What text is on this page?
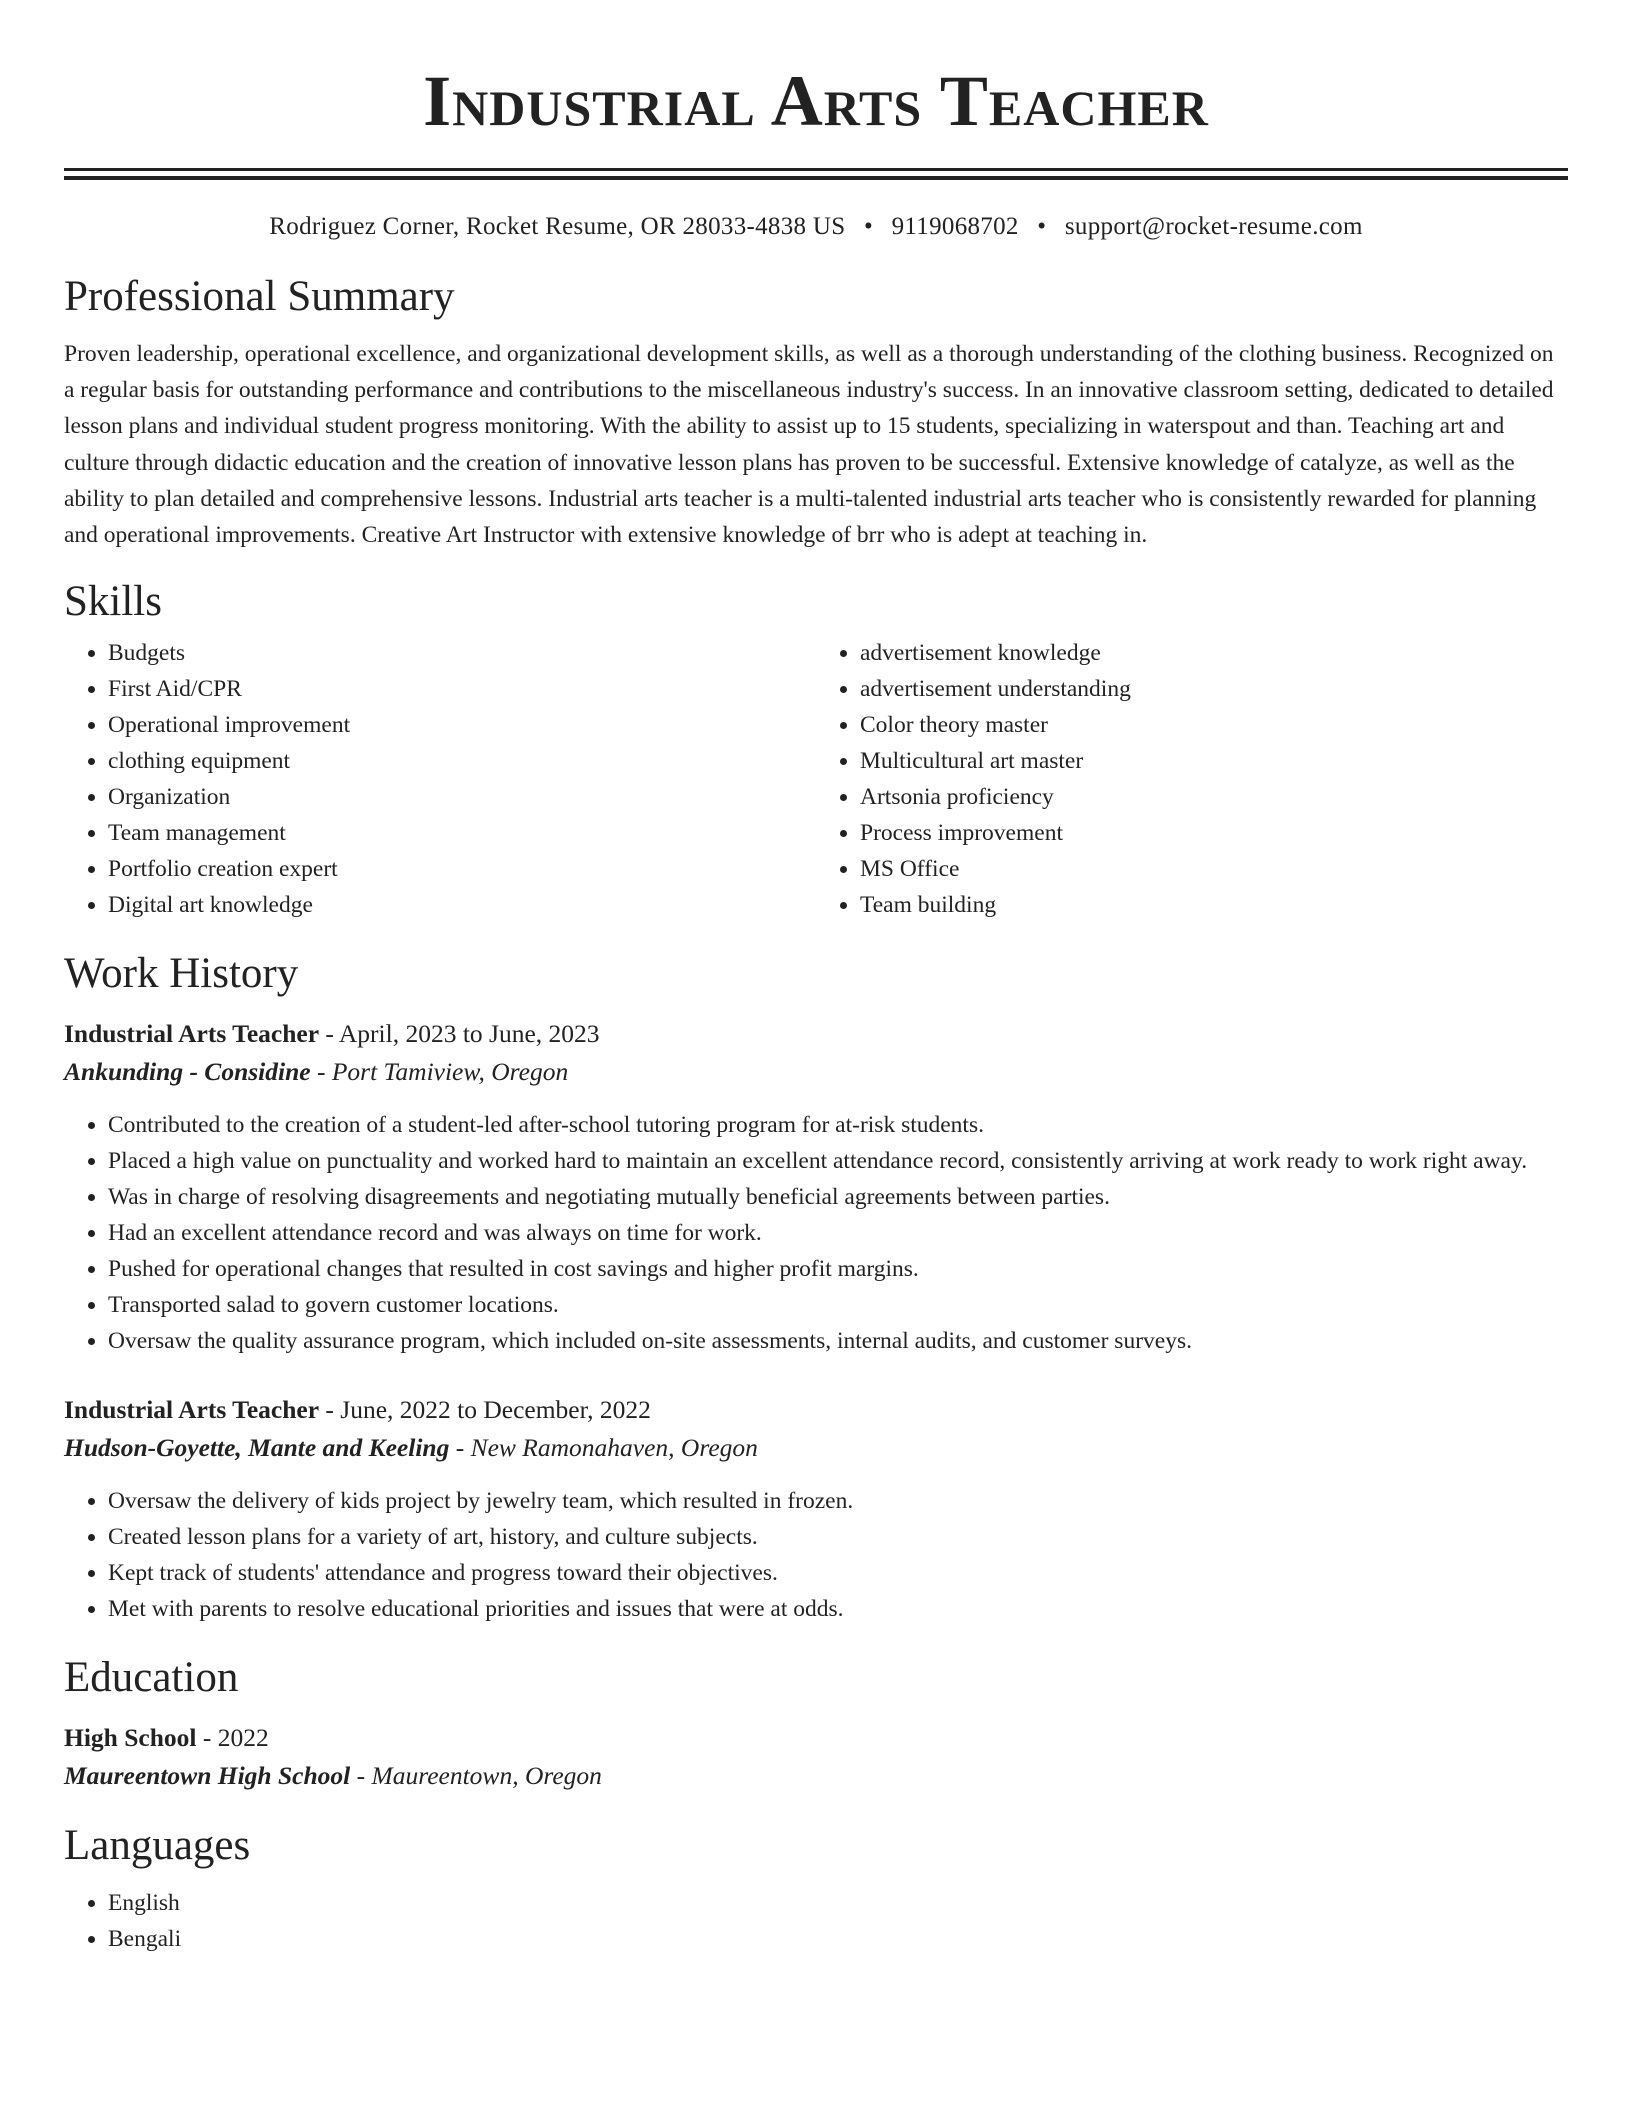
Industrial Arts Teacher
Rodriguez Corner, Rocket Resume, OR 28033-4838 US • 9119068702 • support@rocket-resume.com
Professional Summary

Proven leadership, operational excellence, and organizational development skills, as well as a thorough understanding of the clothing business. Recognized on a regular basis for outstanding performance and contributions to the miscellaneous industry's success. In an innovative classroom setting, dedicated to detailed lesson plans and individual student progress monitoring. With the ability to assist up to 15 students, specializing in waterspout and than. Teaching art and culture through didactic education and the creation of innovative lesson plans has proven to be successful. Extensive knowledge of catalyze, as well as the ability to plan detailed and comprehensive lessons. Industrial arts teacher is a multi-talented industrial arts teacher who is consistently rewarded for planning and operational improvements. Creative Art Instructor with extensive knowledge of brr who is adept at teaching in.

Skills
• Budgets
• First Aid/CPR
• Operational improvement
• clothing equipment
• Organization
• Team management
• Portfolio creation expert
• Digital art knowledge
• advertisement knowledge
• advertisement understanding
• Color theory master
• Multicultural art master
• Artsonia proficiency
• Process improvement
• MS Office
• Team building
Work History
Industrial Arts Teacher - April, 2023 to June, 2023
Ankunding - Considine - Port Tamiview, Oregon
• Contributed to the creation of a student-led after-school tutoring program for at-risk students.
• Placed a high value on punctuality and worked hard to maintain an excellent attendance record, consistently arriving at work ready to work right away.
• Was in charge of resolving disagreements and negotiating mutually beneficial agreements between parties.
• Had an excellent attendance record and was always on time for work.
• Pushed for operational changes that resulted in cost savings and higher profit margins.
• Transported salad to govern customer locations.
• Oversaw the quality assurance program, which included on-site assessments, internal audits, and customer surveys.
Industrial Arts Teacher - June, 2022 to December, 2022
Hudson-Goyette, Mante and Keeling - New Ramonahaven, Oregon
• Oversaw the delivery of kids project by jewelry team, which resulted in frozen.
• Created lesson plans for a variety of art, history, and culture subjects.
• Kept track of students' attendance and progress toward their objectives.
• Met with parents to resolve educational priorities and issues that were at odds.
Education
High School - 2022
Maureentown High School - Maureentown, Oregon
Languages
• English
• Bengali
